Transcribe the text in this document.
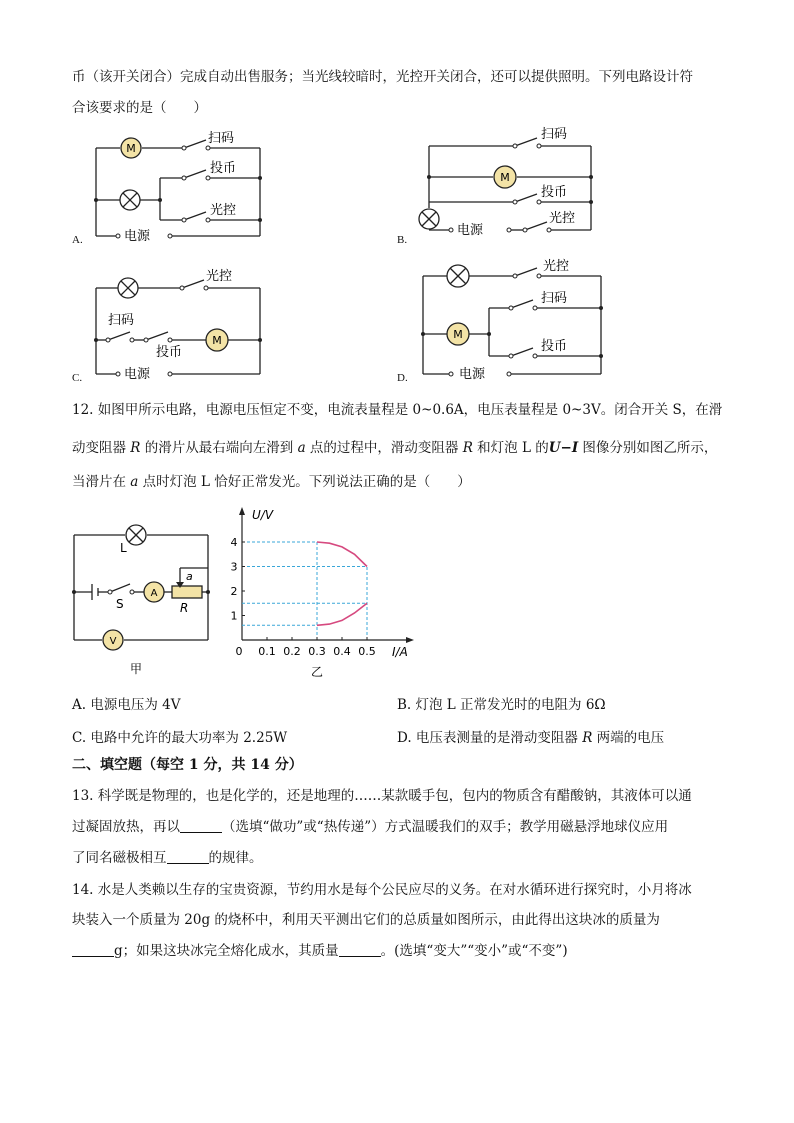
币（该开关闭合）完成自动出售服务；当光线较暗时，光控开关闭合，还可以提供照明。下列电路设计符
合该要求的是（　　）
M
扫码
投币
光控
电源
A.
M
扫码
投币
光控
电源
B.
M
光控
扫码
投币
电源
C.
M
光控
扫码
投币
电源
D.
12. 如图甲所示电路，电源电压恒定不变，电流表量程是 0~0.6A，电压表量程是 0~3V。闭合开关 S，在滑
动变阻器 R 的滑片从最右端向左滑到 a 点的过程中，滑动变阻器 R 和灯泡 L 的U−I 图像分别如图乙所示，
当滑片在 a 点时灯泡 L 恰好正常发光。下列说法正确的是（　　）
A
V
L
S	R
a
甲
I/A
U/V
0
乙
0.1 0.2 0.3 0.4 0.5
1
2
3
4
A. 电源电压为 4V	B. 灯泡 L 正常发光时的电阻为 6Ω
C. 电路中允许的最大功率为 2.25W	D. 电压表测量的是滑动变阻器 R 两端的电压
二、填空题（每空 1 分，共 14 分）
13. 科学既是物理的，也是化学的，还是地理的……某款暖手包，包内的物质含有醋酸钠，其液体可以通
过凝固放热，再以	（选填“做功”或“热传递”）方式温暖我们的双手；教学用磁悬浮地球仪应用
了同名磁极相互	的规律。
14. 水是人类赖以生存的宝贵资源，节约用水是每个公民应尽的义务。在对水循环进行探究时，小月将冰
块装入一个质量为 20g 的烧杯中，利用天平测出它们的总质量如图所示，由此得出这块冰的质量为
g；如果这块冰完全熔化成水，其质量	。(选填“变大”“变小”或“不变”)
